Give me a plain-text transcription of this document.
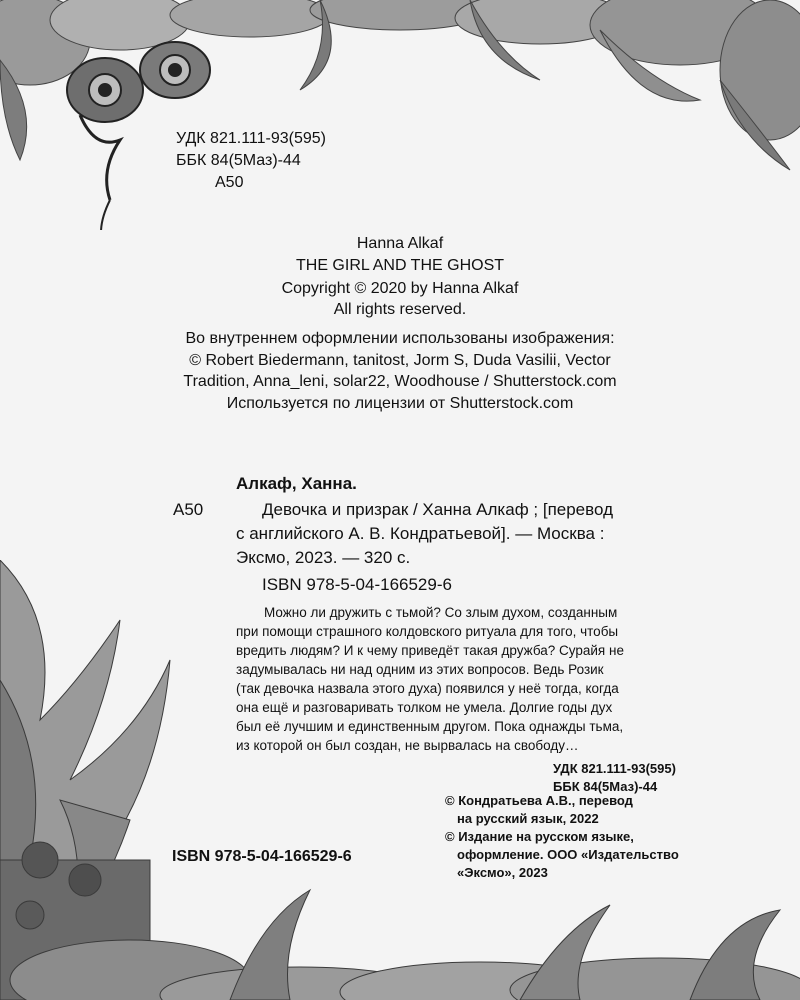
УДК 821.111-93(595)
ББК 84(5Маз)-44
А50
Hanna Alkaf
THE GIRL AND THE GHOST
Copyright © 2020 by Hanna Alkaf
All rights reserved.
Во внутреннем оформлении использованы изображения:
© Robert Biedermann, tanitost, Jorm S, Duda Vasilii, Vector
Tradition, Anna_leni, solar22, Woodhouse / Shutterstock.com
Используется по лицензии от Shutterstock.com
Алкаф, Ханна.
А50	Девочка и призрак / Ханна Алкаф ; [перевод
с английского А. В. Кондратьевой]. — Москва :
Эксмо, 2023. — 320 с.
ISBN 978-5-04-166529-6
Можно ли дружить с тьмой? Со злым духом, созданным
при помощи страшного колдовского ритуала для того, чтобы
вредить людям? И к чему приведёт такая дружба? Сурайя не
задумывалась ни над одним из этих вопросов. Ведь Розик
(так девочка назвала этого духа) появился у неё тогда, когда
она ещё и разговаривать толком не умела. Долгие годы дух
был её лучшим и единственным другом. Пока однажды тьма,
из которой он был создан, не вырвалась на свободу…
УДК 821.111-93(595)
ББК 84(5Маз)-44
ISBN 978-5-04-166529-6
© Кондратьева А.В., перевод
на русский язык, 2022
© Издание на русском языке,
оформление. ООО «Издательство
«Эксмо», 2023
